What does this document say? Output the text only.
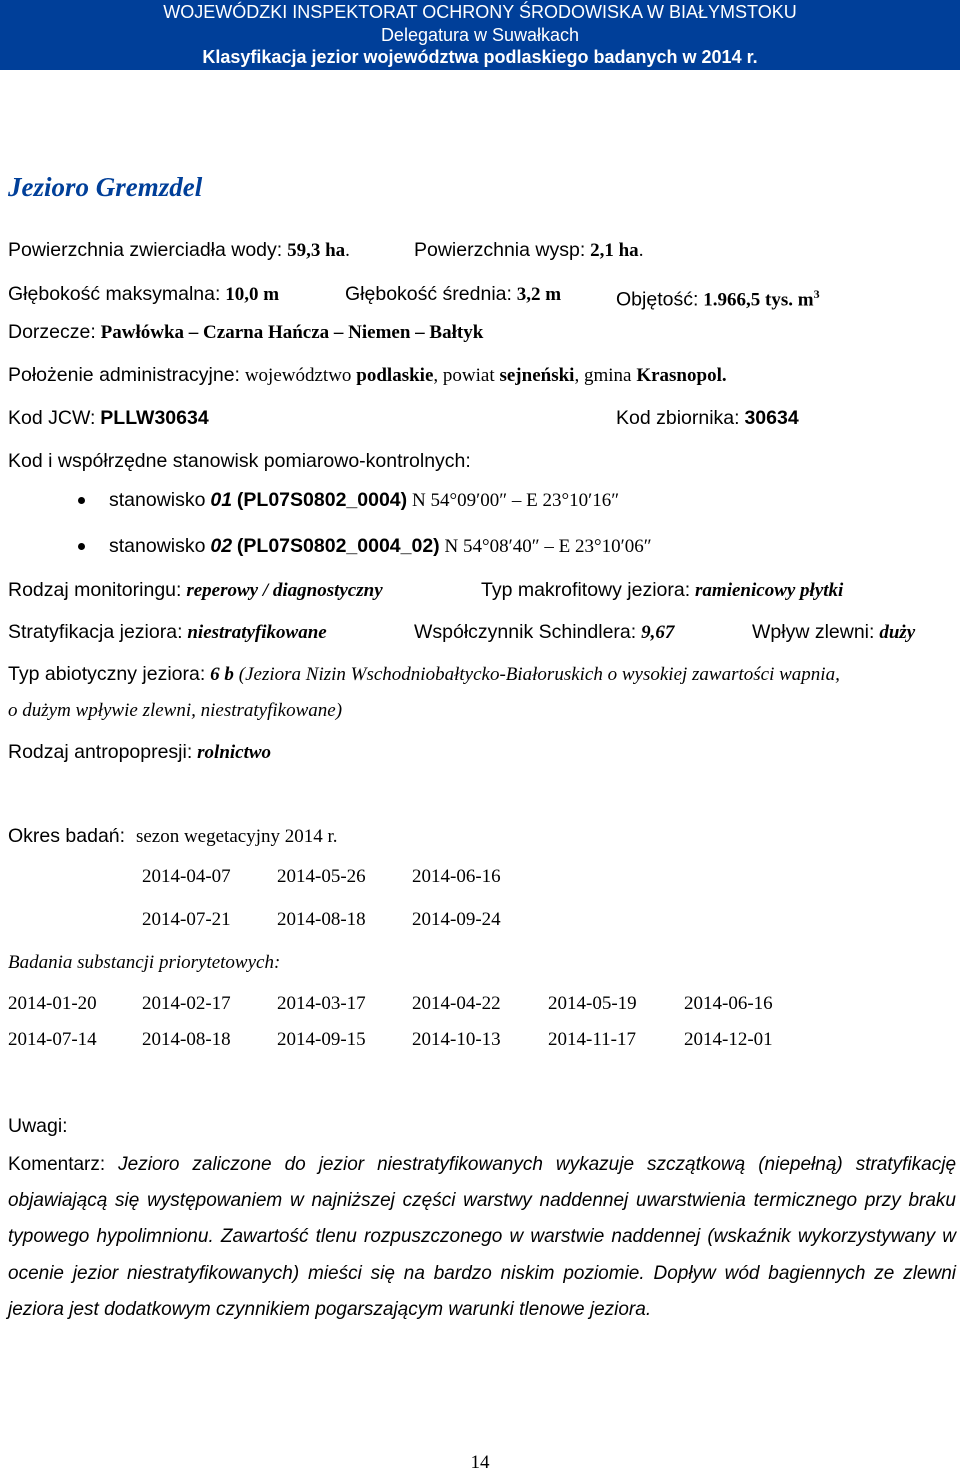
WOJEWÓDZKI INSPEKTORAT OCHRONY ŚRODOWISKA W BIAŁYMSTOKU
Delegatura w Suwałkach
Klasyfikacja jezior województwa podlaskiego badanych w 2014 r.
Jezioro Gremzdel
Powierzchnia zwierciadła wody: 59,3 ha.	Powierzchnia wysp: 2,1 ha.
Głębokość maksymalna: 10,0 m	Głębokość średnia: 3,2 m	Objętość: 1.966,5 tys. $m^3$
Dorzecze: Pawłówka – Czarna Hańcza – Niemen – Bałtyk
Położenie administracyjne: województwo podlaskie, powiat sejneński, gmina Krasnopol.
Kod JCW: PLLW30634	Kod zbiornika: 30634
Kod i współrzędne stanowisk pomiarowo-kontrolnych:
stanowisko 01 (PL07S0802_0004) N 54°09′00″ – E 23°10′16″
stanowisko 02 (PL07S0802_0004_02) N 54°08′40″ – E 23°10′06″
Rodzaj monitoringu: reperowy / diagnostyczny	Typ makrofitowy jeziora: ramienicowy płytki
Stratyfikacja jeziora: niestratyfikowane	Współczynnik Schindlera: 9,67	Wpływ zlewni: duży
Typ abiotyczny jeziora: 6 b (Jeziora Nizin Wschodniobałtycko-Białoruskich o wysokiej zawartości wapnia,
o dużym wpływie zlewni, niestratyfikowane)
Rodzaj antropopresji: rolnictwo
Okres badań: sezon wegetacyjny 2014 r.
2014-04-07 2014-05-26 2014-06-16
2014-07-21 2014-08-18 2014-09-24
Badania substancji priorytetowych:
2014-01-20 2014-02-17 2014-03-17 2014-04-22 2014-05-19 2014-06-16
2014-07-14 2014-08-18 2014-09-15 2014-10-13 2014-11-17	2014-12-01
Uwagi:
Komentarz: Jezioro zaliczone do jezior niestratyfikowanych wykazuje szczątkową (niepełną) stratyfikację objawiającą się występowaniem w najniższej części warstwy naddennej uwarstwienia termicznego przy braku typowego hypolimnionu. Zawartość tlenu rozpuszczonego w warstwie naddennej (wskaźnik wykorzystywany w ocenie jezior niestratyfikowanych) mieści się na bardzo niskim poziomie. Dopływ wód bagiennych ze zlewni jeziora jest dodatkowym czynnikiem pogarszającym warunki tlenowe jeziora.
14
